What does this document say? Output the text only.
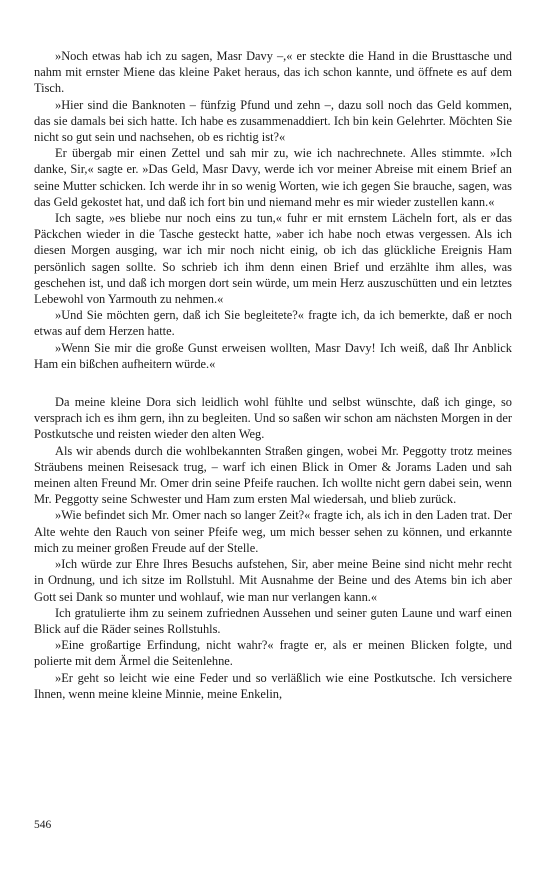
»Noch etwas hab ich zu sagen, Masr Davy –,« er steckte die Hand in die Brusttasche und nahm mit ernster Miene das kleine Paket heraus, das ich schon kannte, und öffnete es auf dem Tisch.

»Hier sind die Banknoten – fünfzig Pfund und zehn –, dazu soll noch das Geld kommen, das sie damals bei sich hatte. Ich habe es zusammenaddiert. Ich bin kein Gelehrter. Möchten Sie nicht so gut sein und nachsehen, ob es richtig ist?«

Er übergab mir einen Zettel und sah mir zu, wie ich nachrechnete. Alles stimmte. »Ich danke, Sir,« sagte er. »Das Geld, Masr Davy, werde ich vor meiner Abreise mit einem Brief an seine Mutter schicken. Ich werde ihr in so wenig Worten, wie ich gegen Sie brauche, sagen, was das Geld gekostet hat, und daß ich fort bin und niemand mehr es mir wieder zustellen kann.«

Ich sagte, »es bliebe nur noch eins zu tun,« fuhr er mit ernstem Lächeln fort, als er das Päckchen wieder in die Tasche gesteckt hatte, »aber ich habe noch etwas vergessen. Als ich diesen Morgen ausging, war ich mir noch nicht einig, ob ich das glückliche Ereignis Ham persönlich sagen sollte. So schrieb ich ihm denn einen Brief und erzählte ihm alles, was geschehen ist, und daß ich morgen dort sein würde, um mein Herz auszuschütten und ein letztes Lebewohl von Yarmouth zu nehmen.«

»Und Sie möchten gern, daß ich Sie begleitete?« fragte ich, da ich bemerkte, daß er noch etwas auf dem Herzen hatte.

»Wenn Sie mir die große Gunst erweisen wollten, Masr Davy! Ich weiß, daß Ihr Anblick Ham ein bißchen aufheitern würde.«

Da meine kleine Dora sich leidlich wohl fühlte und selbst wünschte, daß ich ginge, so versprach ich es ihm gern, ihn zu begleiten. Und so saßen wir schon am nächsten Morgen in der Postkutsche und reisten wieder den alten Weg.

Als wir abends durch die wohlbekannten Straßen gingen, wobei Mr. Peggotty trotz meines Sträubens meinen Reisesack trug, – warf ich einen Blick in Omer & Jorams Laden und sah meinen alten Freund Mr. Omer drin seine Pfeife rauchen. Ich wollte nicht gern dabei sein, wenn Mr. Peggotty seine Schwester und Ham zum ersten Mal wiedersah, und blieb zurück.

»Wie befindet sich Mr. Omer nach so langer Zeit?« fragte ich, als ich in den Laden trat. Der Alte wehte den Rauch von seiner Pfeife weg, um mich besser sehen zu können, und erkannte mich zu meiner großen Freude auf der Stelle.

»Ich würde zur Ehre Ihres Besuchs aufstehen, Sir, aber meine Beine sind nicht mehr recht in Ordnung, und ich sitze im Rollstuhl. Mit Ausnahme der Beine und des Atems bin ich aber Gott sei Dank so munter und wohlauf, wie man nur verlangen kann.«

Ich gratulierte ihm zu seinem zufriednen Aussehen und seiner guten Laune und warf einen Blick auf die Räder seines Rollstuhls.

»Eine großartige Erfindung, nicht wahr?« fragte er, als er meinen Blicken folgte, und polierte mit dem Ärmel die Seitenlehne.

»Er geht so leicht wie eine Feder und so verläßlich wie eine Postkutsche. Ich versichere Ihnen, wenn meine kleine Minnie, meine Enkelin,

546
